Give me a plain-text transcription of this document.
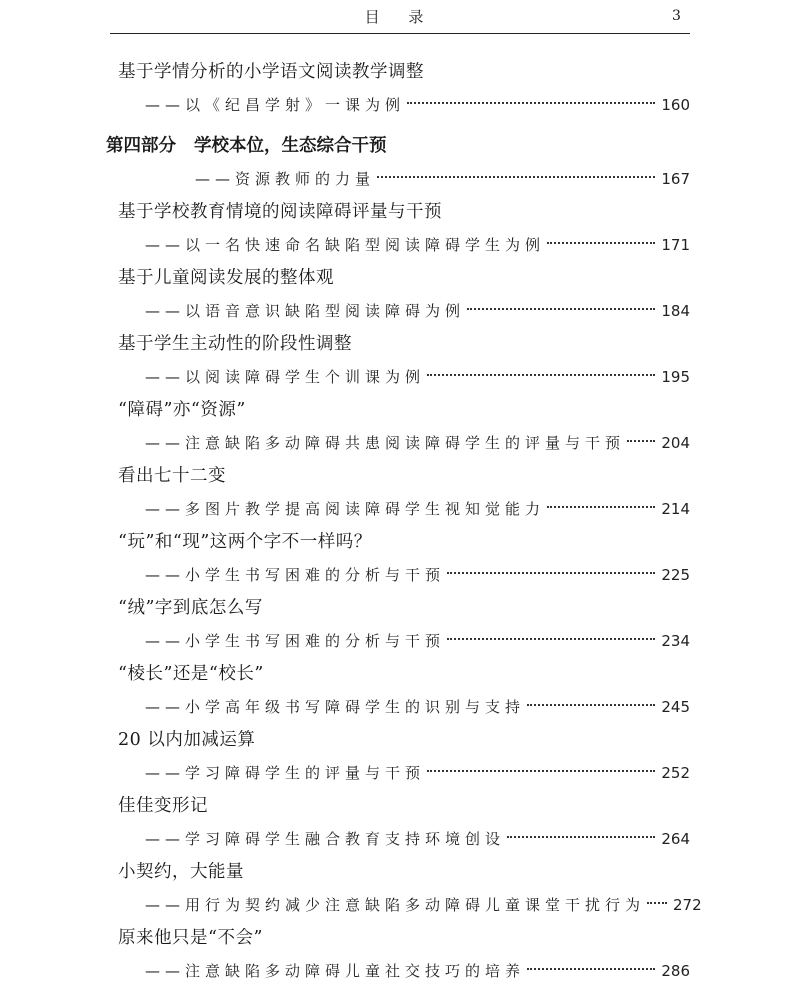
目 录	3
基于学情分析的小学语文阅读教学调整
——以《纪昌学射》一课为例	160
第四部分 学校本位，生态综合干预
——资源教师的力量	167
基于学校教育情境的阅读障碍评量与干预
——以一名快速命名缺陷型阅读障碍学生为例	171
基于儿童阅读发展的整体观
——以语音意识缺陷型阅读障碍为例	184
基于学生主动性的阶段性调整
——以阅读障碍学生个训课为例	195
“障碍”亦“资源”
——注意缺陷多动障碍共患阅读障碍学生的评量与干预 204
看出七十二变
——多图片教学提高阅读障碍学生视知觉能力	214
“玩”和“现”这两个字不一样吗？
——小学生书写困难的分析与干预	225
“绒”字到底怎么写
——小学生书写困难的分析与干预	234
“棱长”还是“校长”
——小学高年级书写障碍学生的识别与支持	245
20 以内加减运算
——学习障碍学生的评量与干预	252
佳佳变形记
——学习障碍学生融合教育支持环境创设	264
小契约，大能量
——用行为契约减少注意缺陷多动障碍儿童课堂干扰行为 272
原来他只是“不会”
——注意缺陷多动障碍儿童社交技巧的培养	286
